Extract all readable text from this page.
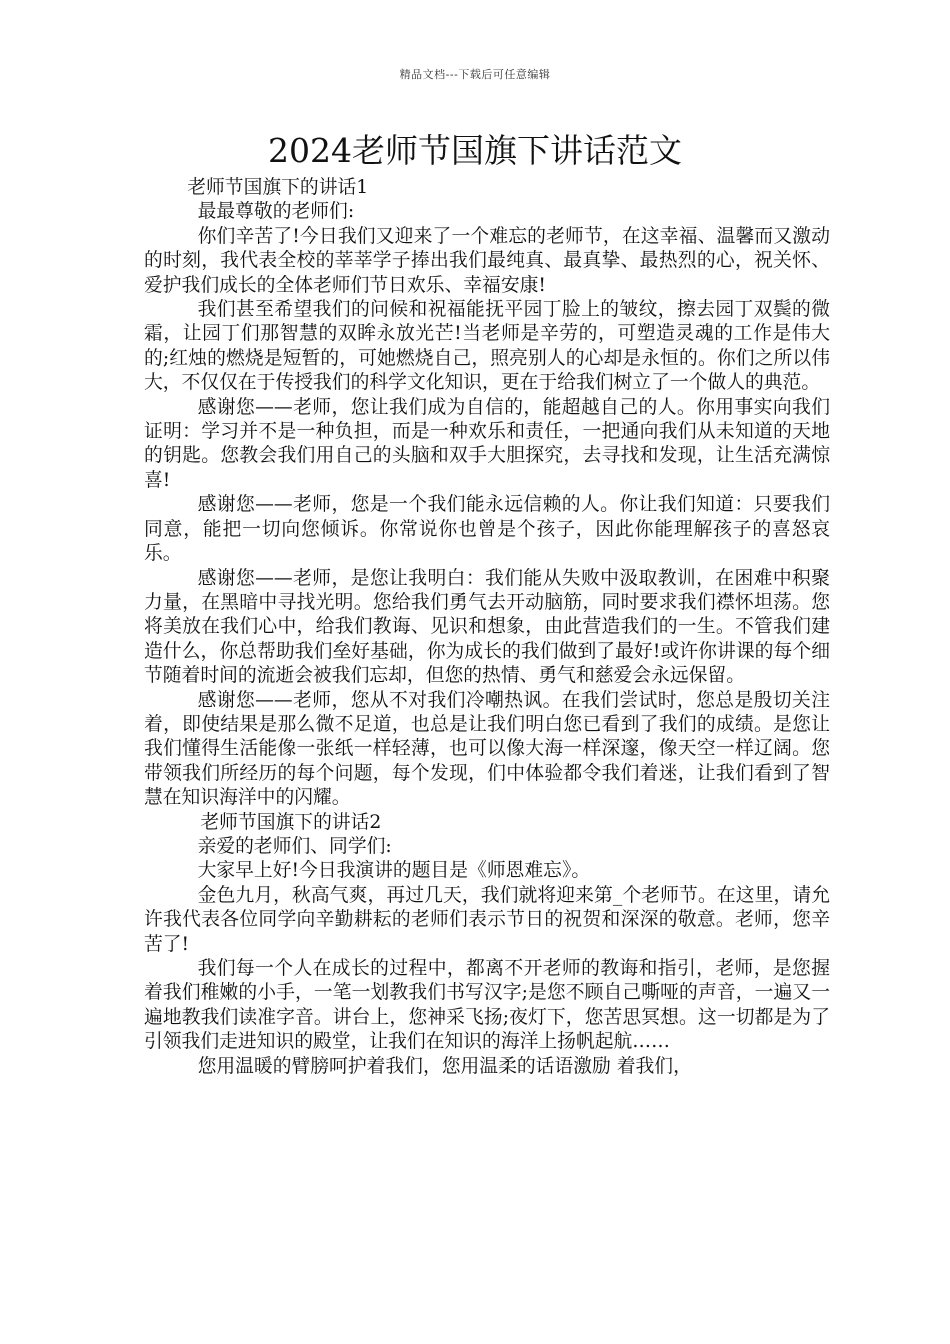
精品文档---下载后可任意编辑
2024老师节国旗下讲话范文

老师节国旗下的讲话1

最最尊敬的老师们:

你们辛苦了!今日我们又迎来了一个难忘的老师节，在这幸福、温馨而又激动的时刻，我代表全校的莘莘学子捧出我们最纯真、最真挚、最热烈的心，祝关怀、爱护我们成长的全体老师们节日欢乐、幸福安康!

我们甚至希望我们的问候和祝福能抚平园丁脸上的皱纹，擦去园丁双鬓的微霜，让园丁们那智慧的双眸永放光芒!当老师是辛劳的，可塑造灵魂的工作是伟大的;红烛的燃烧是短暂的，可她燃烧自己，照亮别人的心却是永恒的。你们之所以伟大，不仅仅在于传授我们的科学文化知识，更在于给我们树立了一个做人的典范。

感谢您——老师，您让我们成为自信的，能超越自己的人。你用事实向我们证明：学习并不是一种负担，而是一种欢乐和责任，一把通向我们从未知道的天地的钥匙。您教会我们用自己的头脑和双手大胆探究，去寻找和发现，让生活充满惊喜!

感谢您——老师，您是一个我们能永远信赖的人。你让我们知道：只要我们同意，能把一切向您倾诉。你常说你也曾是个孩子，因此你能理解孩子的喜怒哀乐。

感谢您——老师，是您让我明白：我们能从失败中汲取教训，在困难中积聚力量，在黑暗中寻找光明。您给我们勇气去开动脑筋，同时要求我们襟怀坦荡。您将美放在我们心中，给我们教诲、见识和想象，由此营造我们的一生。不管我们建造什么，你总帮助我们垒好基础，你为成长的我们做到了最好!或许你讲课的每个细节随着时间的流逝会被我们忘却，但您的热情、勇气和慈爱会永远保留。

感谢您——老师，您从不对我们冷嘲热讽。在我们尝试时，您总是殷切关注着，即使结果是那么微不足道，也总是让我们明白您已看到了我们的成绩。是您让我们懂得生活能像一张纸一样轻薄，也可以像大海一样深邃，像天空一样辽阔。您带领我们所经历的每个问题，每个发现，们中体验都令我们着迷，让我们看到了智慧在知识海洋中的闪耀。

老师节国旗下的讲话2

亲爱的老师们、同学们:

大家早上好!今日我演讲的题目是《师恩难忘》。

金色九月，秋高气爽，再过几天，我们就将迎来第_个老师节。在这里，请允许我代表各位同学向辛勤耕耘的老师们表示节日的祝贺和深深的敬意。老师，您辛苦了!

我们每一个人在成长的过程中，都离不开老师的教诲和指引，老师，是您握着我们稚嫩的小手，一笔一划教我们书写汉字;是您不顾自己嘶哑的声音，一遍又一遍地教我们读准字音。讲台上，您神采飞扬;夜灯下，您苦思冥想。这一切都是为了引领我们走进知识的殿堂，让我们在知识的海洋上扬帆起航……

您用温暖的臂膀呵护着我们，您用温柔的话语激励 着我们，
